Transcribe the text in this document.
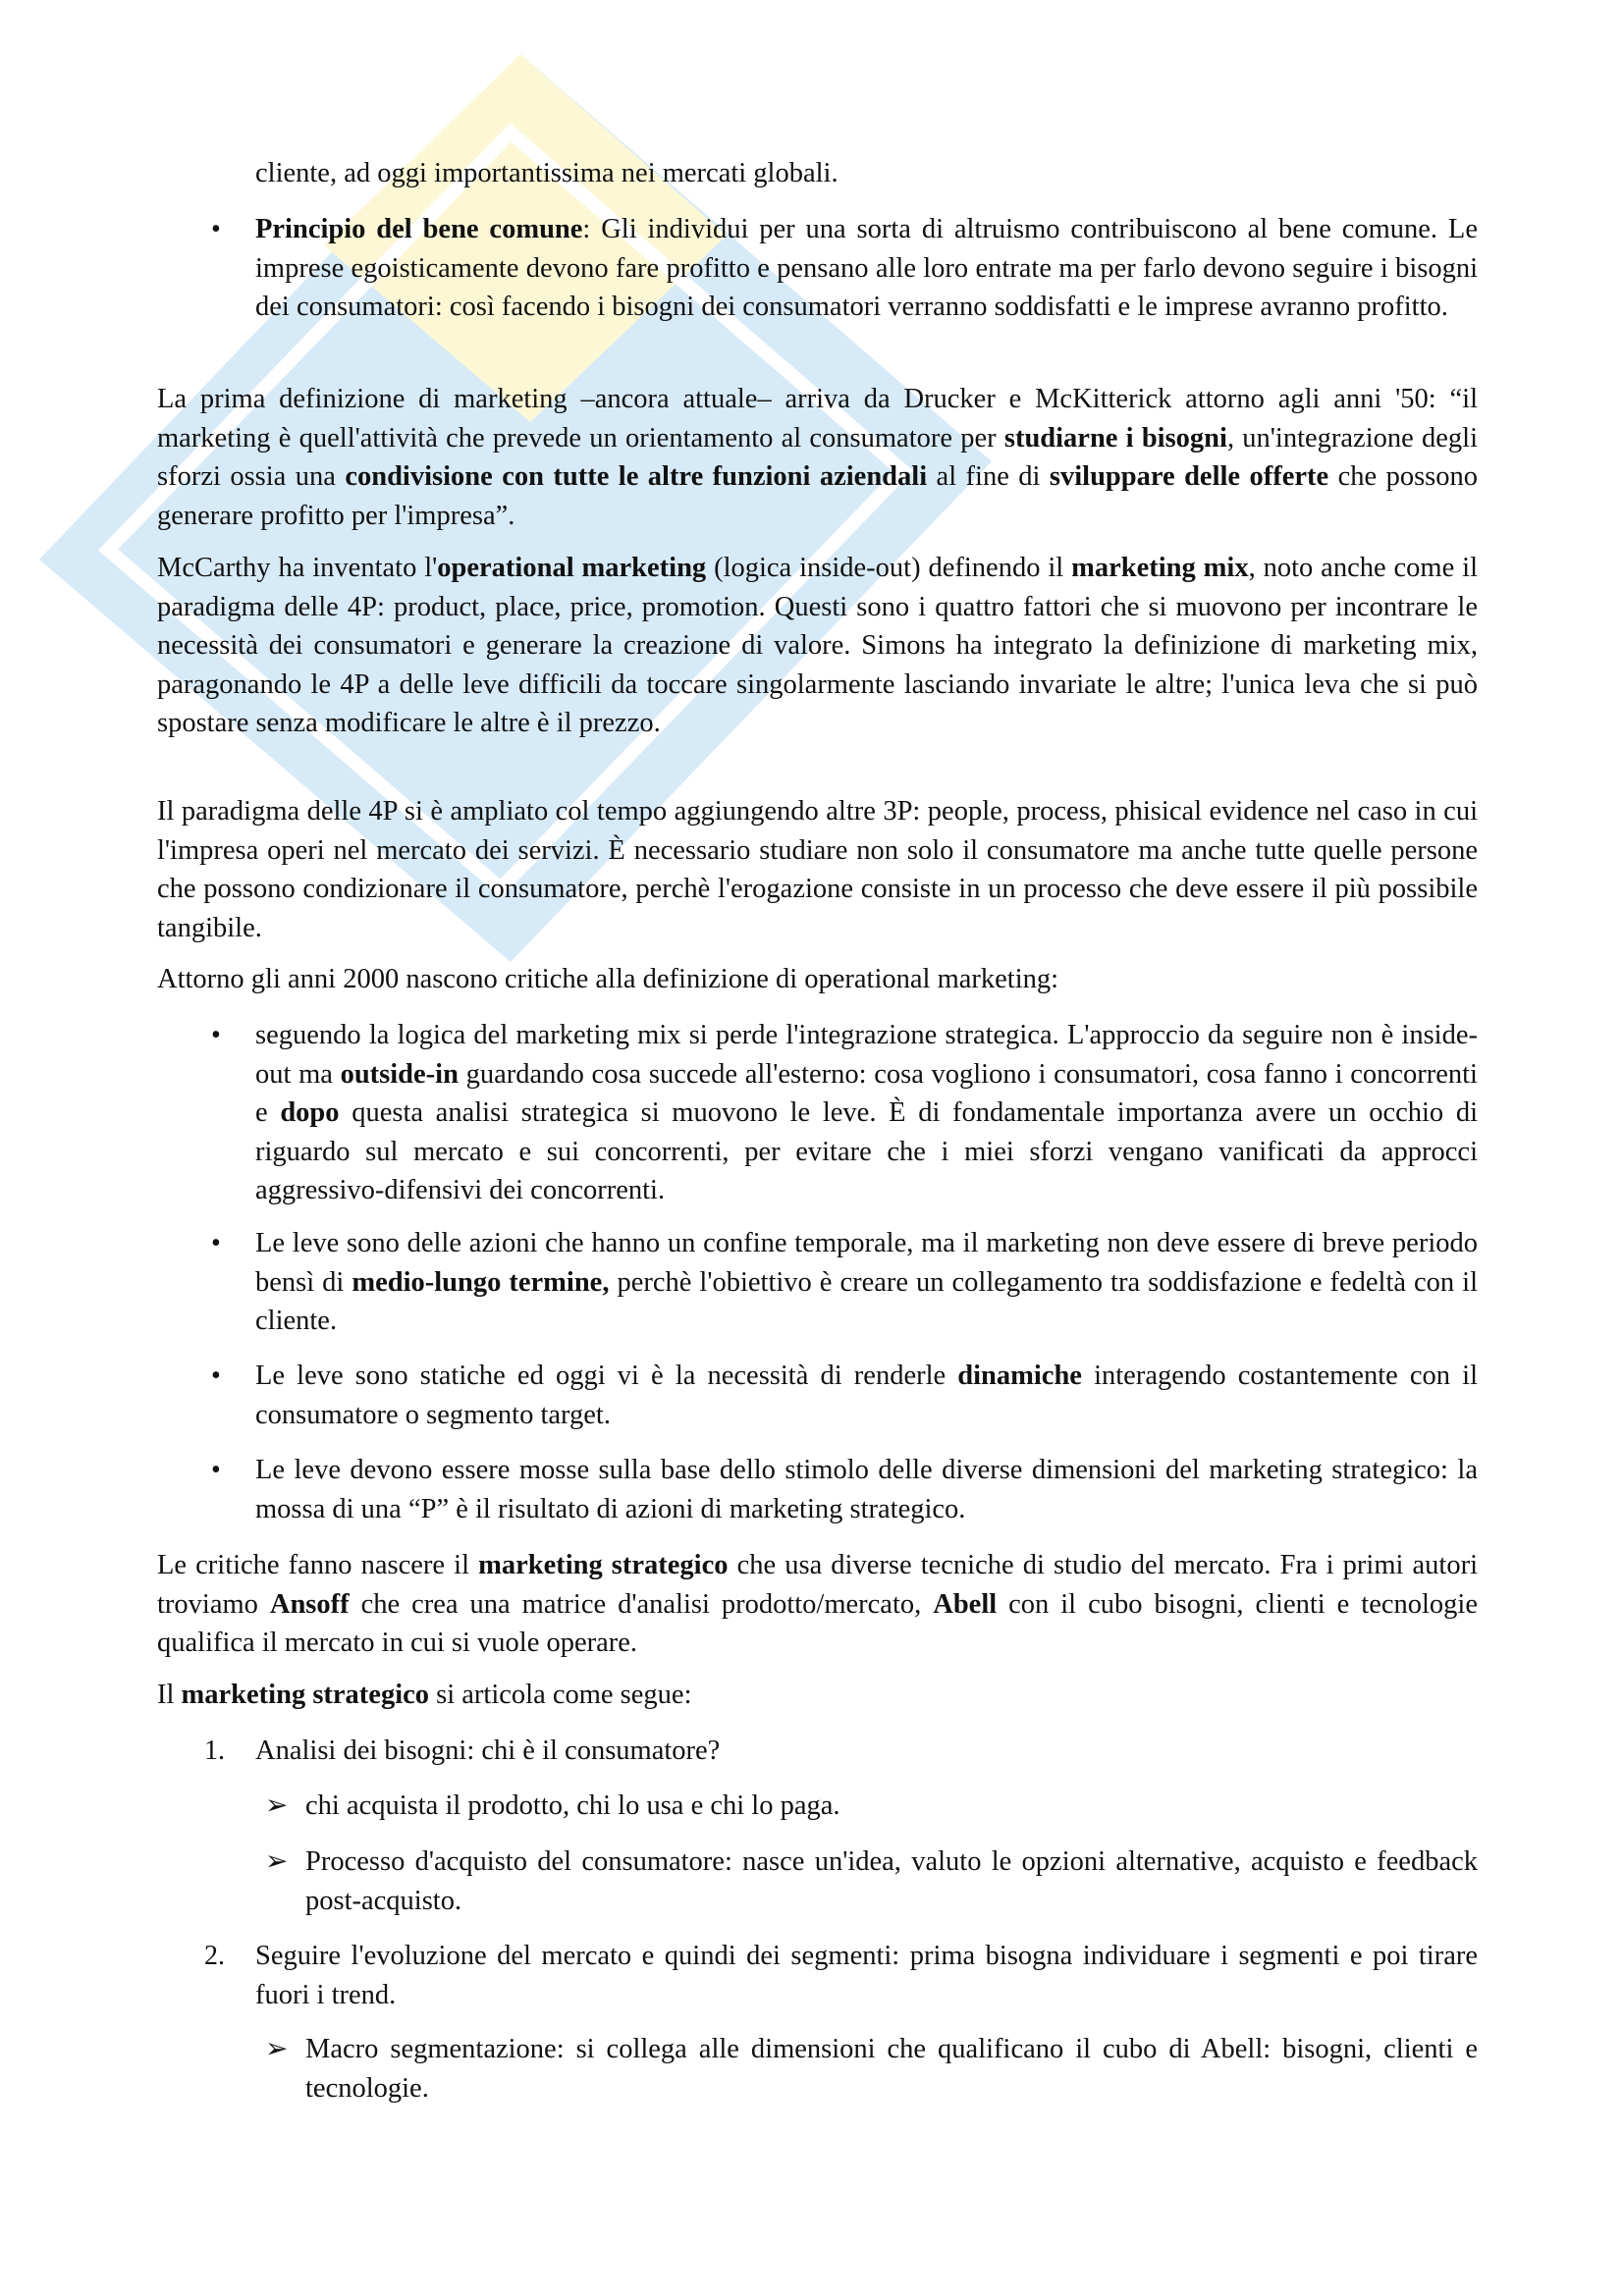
cliente, ad oggi importantissima nei mercati globali.
• Principio del bene comune: Gli individui per una sorta di altruismo contribuiscono al bene comune. Le imprese egoisticamente devono fare profitto e pensano alle loro entrate ma per farlo devono seguire i bisogni dei consumatori: così facendo i bisogni dei consumatori verranno soddisfatti e le imprese avranno profitto.
La prima definizione di marketing –ancora attuale– arriva da Drucker e McKitterick attorno agli anni '50: “il marketing è quell'attività che prevede un orientamento al consumatore per studiarne i bisogni, un'integrazione degli sforzi ossia una condivisione con tutte le altre funzioni aziendali al fine di sviluppare delle offerte che possono generare profitto per l'impresa”.
McCarthy ha inventato l'operational marketing (logica inside-out) definendo il marketing mix, noto anche come il paradigma delle 4P: product, place, price, promotion. Questi sono i quattro fattori che si muovono per incontrare le necessità dei consumatori e generare la creazione di valore. Simons ha integrato la definizione di marketing mix, paragonando le 4P a delle leve difficili da toccare singolarmente lasciando invariate le altre; l'unica leva che si può spostare senza modificare le altre è il prezzo.
Il paradigma delle 4P si è ampliato col tempo aggiungendo altre 3P: people, process, phisical evidence nel caso in cui l'impresa operi nel mercato dei servizi. È necessario studiare non solo il consumatore ma anche tutte quelle persone che possono condizionare il consumatore, perchè l'erogazione consiste in un processo che deve essere il più possibile tangibile.
Attorno gli anni 2000 nascono critiche alla definizione di operational marketing:
• seguendo la logica del marketing mix si perde l'integrazione strategica. L'approccio da seguire non è inside-out ma outside-in guardando cosa succede all'esterno: cosa vogliono i consumatori, cosa fanno i concorrenti e dopo questa analisi strategica si muovono le leve. È di fondamentale importanza avere un occhio di riguardo sul mercato e sui concorrenti, per evitare che i miei sforzi vengano vanificati da approcci aggressivo-difensivi dei concorrenti.
• Le leve sono delle azioni che hanno un confine temporale, ma il marketing non deve essere di breve periodo bensì di medio-lungo termine, perchè l'obiettivo è creare un collegamento tra soddisfazione e fedeltà con il cliente.
• Le leve sono statiche ed oggi vi è la necessità di renderle dinamiche interagendo costantemente con il consumatore o segmento target.
• Le leve devono essere mosse sulla base dello stimolo delle diverse dimensioni del marketing strategico: la mossa di una “P” è il risultato di azioni di marketing strategico.
Le critiche fanno nascere il marketing strategico che usa diverse tecniche di studio del mercato. Fra i primi autori troviamo Ansoff che crea una matrice d'analisi prodotto/mercato, Abell con il cubo bisogni, clienti e tecnologie qualifica il mercato in cui si vuole operare.
Il marketing strategico si articola come segue:
1. Analisi dei bisogni: chi è il consumatore?
➢ chi acquista il prodotto, chi lo usa e chi lo paga.
➢ Processo d'acquisto del consumatore: nasce un'idea, valuto le opzioni alternative, acquisto e feedback post-acquisto.
2. Seguire l'evoluzione del mercato e quindi dei segmenti: prima bisogna individuare i segmenti e poi tirare fuori i trend.
➢ Macro segmentazione: si collega alle dimensioni che qualificano il cubo di Abell: bisogni, clienti e tecnologie.
